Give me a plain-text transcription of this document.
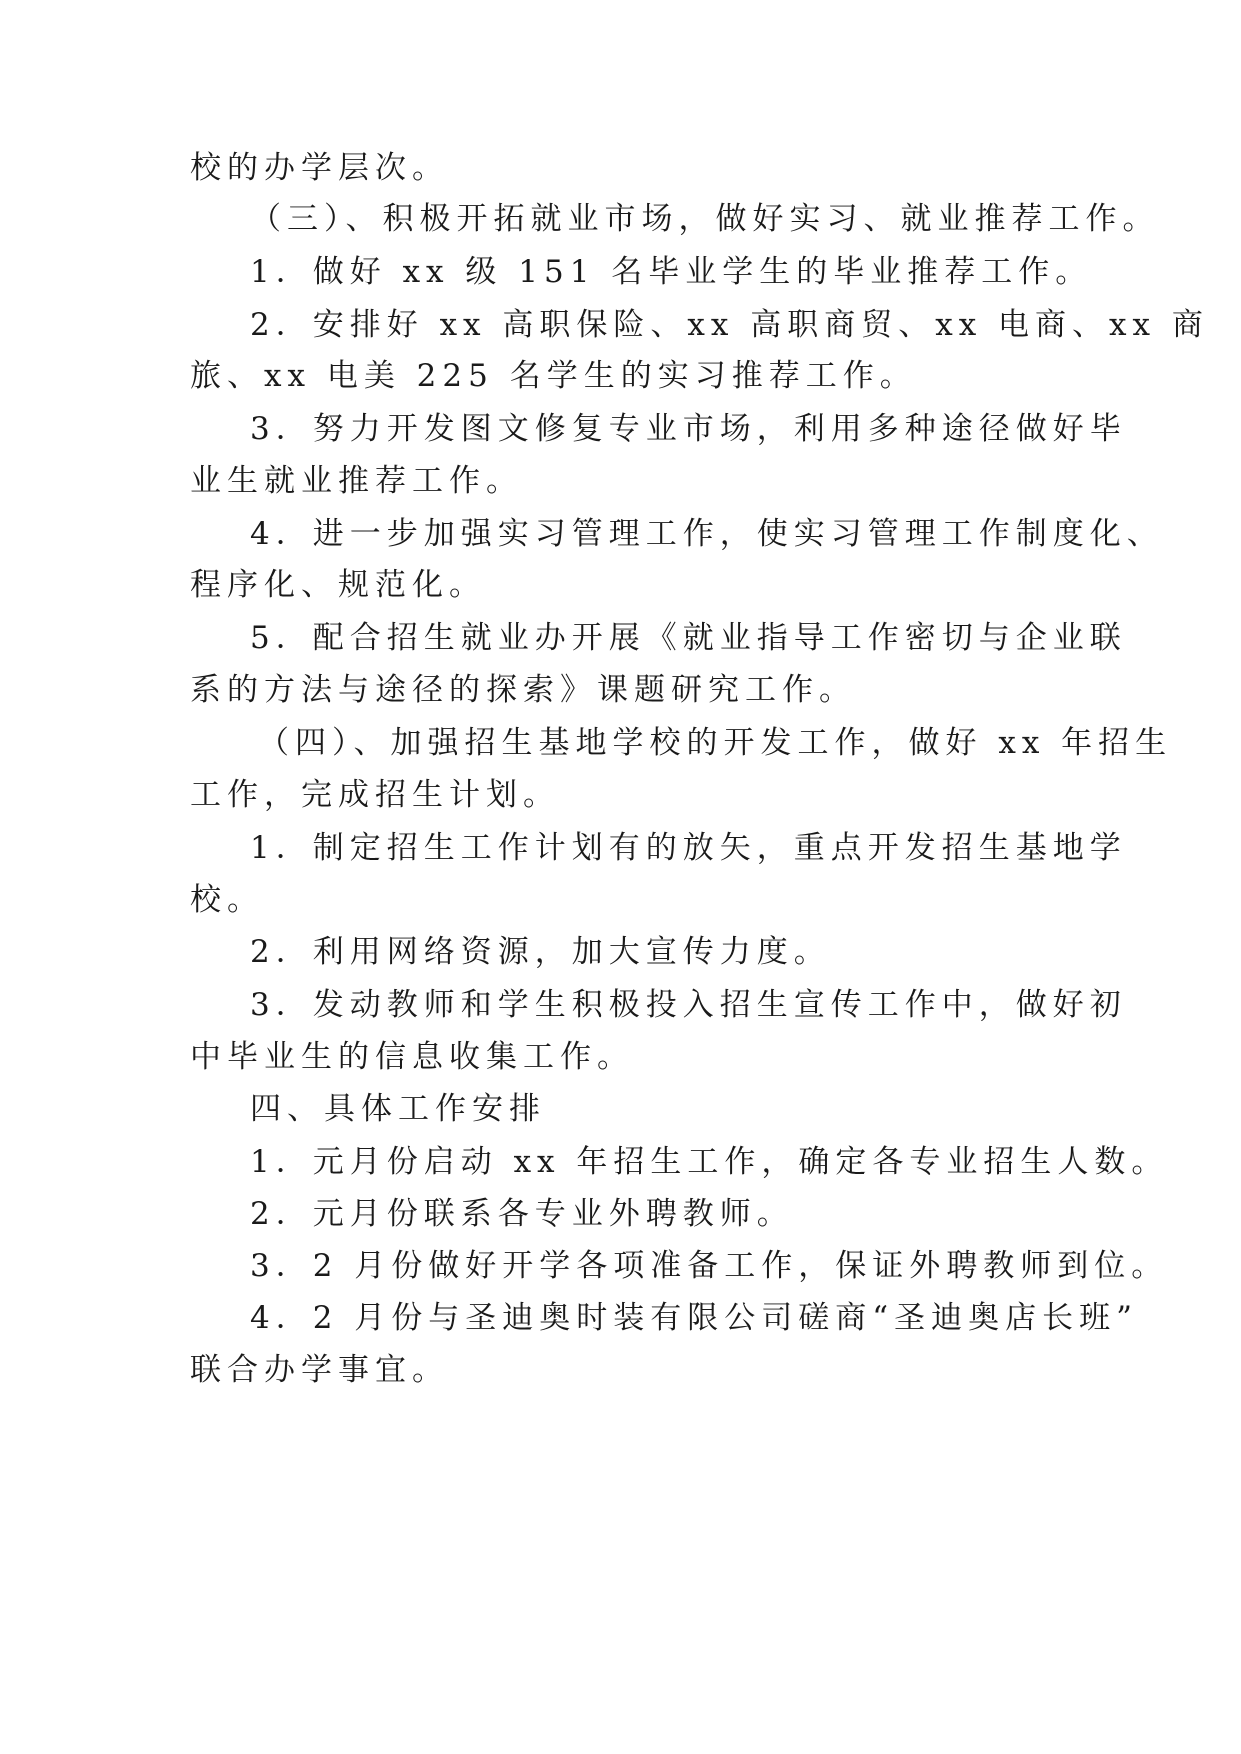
校的办学层次。
（三）、积极开拓就业市场，做好实习、就业推荐工作。
1．做好 xx 级 151 名毕业学生的毕业推荐工作。
2．安排好 xx 高职保险、xx 高职商贸、xx 电商、xx 商
旅、xx 电美 225 名学生的实习推荐工作。
3．努力开发图文修复专业市场，利用多种途径做好毕
业生就业推荐工作。
4．进一步加强实习管理工作，使实习管理工作制度化、
程序化、规范化。
5．配合招生就业办开展《就业指导工作密切与企业联
系的方法与途径的探索》课题研究工作。
（四）、加强招生基地学校的开发工作，做好 xx 年招生
工作，完成招生计划。
1．制定招生工作计划有的放矢，重点开发招生基地学
校。
2．利用网络资源，加大宣传力度。
3．发动教师和学生积极投入招生宣传工作中，做好初
中毕业生的信息收集工作。
四、具体工作安排
1．元月份启动 xx 年招生工作，确定各专业招生人数。
2．元月份联系各专业外聘教师。
3．2 月份做好开学各项准备工作，保证外聘教师到位。
4．2 月份与圣迪奥时装有限公司磋商“圣迪奥店长班”
联合办学事宜。
